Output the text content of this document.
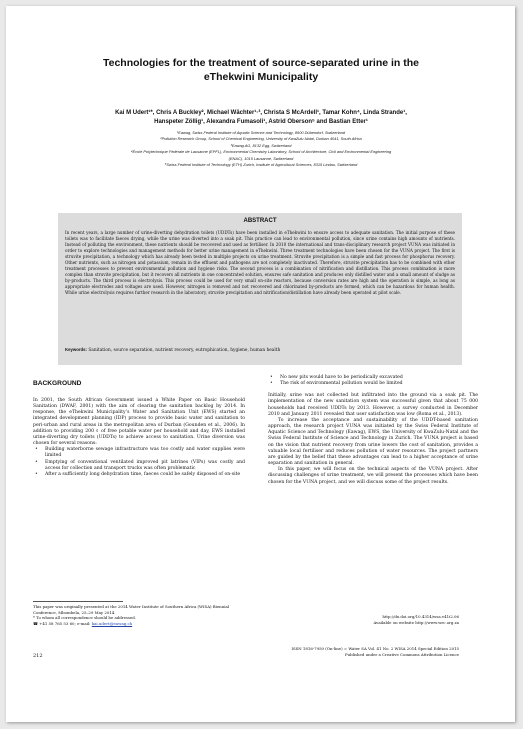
Technologies for the treatment of source-separated urine in the
eThekwini Municipality
Kai M Udert¹*, Chris A Buckley², Michael Wächter¹·³, Christa S McArdell¹, Tamar Kohn⁴, Linda Strande¹,
Hanspeter Zöllig¹, Alexandra Fumasoli¹, Astrid Oberson⁵ and Bastian Etter¹
¹Eawag, Swiss Federal Institute of Aquatic Science and Technology, 8600 Dübendorf, Switzerland
²Pollution Research Group, School of Chemical Engineering, University of KwaZulu-Natal, Durban 4041, South Africa
³Eawag AG, 8132 Egg, Switzerland
⁴École Polytechnique Fédérale de Lausanne (EPFL), Environmental Chemistry Laboratory, School of Architecture, Civil and Environmental Engineering
(ENAC), 1015 Lausanne, Switzerland
⁵Swiss Federal Institute of Technology (ETH) Zurich, Institute of Agricultural Sciences, 8315 Lindau, Switzerland
ABSTRACT
In recent years, a large number of urine-diverting dehydration toilets (UDDTs) have been installed in eThekwini to ensure access to adequate sanitation. The initial purpose of these toilets was to facilitate faeces drying, while the urine was diverted into a soak pit. This practice can lead to environmental pollution, since urine contains high amounts of nutrients. Instead of polluting the environment, these nutrients should be recovered and used as fertiliser. In 2010 the international and trans-disciplinary research project VUNA was initiated in order to explore technologies and management methods for better urine management in eThekwini. Three treatment technologies have been chosen for the VUNA project. The first is struvite precipitation, a technology which has already been tested in multiple projects on urine treatment. Struvite precipitation is a simple and fast process for phosphorus recovery. Other nutrients, such as nitrogen and potassium, remain in the effluent and pathogens are not completely inactivated. Therefore, struvite precipitation has to be combined with other treatment processes to prevent environmental pollution and hygiene risks. The second process is a combination of nitrification and distillation. This process combination is more complex than struvite precipitation, but it recovers all nutrients in one concentrated solution, ensures safe sanitation and produces only distilled water and a small amount of sludge as by-products. The third process is electrolysis. This process could be used for very small on-site reactors, because conversion rates are high and the operation is simple, as long as appropriate electrodes and voltages are used. However, nitrogen is removed and not recovered and chlorinated by-products are formed, which can be hazardous for human health. While urine electrolysis requires further research in the laboratory, struvite precipitation and nitrification/distillation have already been operated at pilot scale.
Keywords: Sanitation, source separation, nutrient recovery, eutrophication, hygiene, human health
BACKGROUND

In 2001, the South African Government issued a White Paper on Basic Household Sanitation (DWAF, 2001) with the aim of clearing the sanitation backlog by 2014. In response, the eThekwini Municipality’s Water and Sanitation Unit (EWS) started an integrated development planning (IDP) process to provide basic water and sanitation to peri-urban and rural areas in the metropolitan area of Durban (Gounden et al., 2006). In addition to providing 200 ℓ of free potable water per household and day, EWS installed urine-diverting dry toilets (UDDTs) to achieve access to sanitation. Urine diversion was chosen for several reasons:

• Building waterborne sewage infrastructure was too costly and water supplies were limited
• Emptying of conventional ventilated improved pit latrines (VIPs) was costly and access for collection and transport trucks was often problematic
• After a sufficiently long dehydration time, faeces could be safely disposed of on-site
• No new pits would have to be periodically excavated
• The risk of environmental pollution would be limited

Initially, urine was not collected but infiltrated into the ground via a soak pit. The implementation of the new sanitation system was successful given that about 75 000 households had received UDDTs by 2013. However, a survey conducted in December 2010 and January 2011 revealed that user satisfaction was low (Roma et al., 2013).

To increase the acceptance and sustainability of the UDDT-based sanitation approach, the research project VUNA was initiated by the Swiss Federal Institute of Aquatic Science and Technology (Eawag), EWS, the University of KwaZulu-Natal and the Swiss Federal Institute of Science and Technology in Zurich. The VUNA project is based on the vision that nutrient recovery from urine lowers the cost of sanitation, provides a valuable local fertiliser and reduces pollution of water resources. The project partners are guided by the belief that these advantages can lead to a higher acceptance of urine separation and sanitation in general.

In this paper, we will focus on the technical aspects of the VUNA project. After discussing challenges of urine treatment, we will present the processes which have been chosen for the VUNA project, and we will discuss some of the project results.

This paper was originally presented at the 2014 Water Institute of Southern Africa (WISA) Biennial Conference, Mbombela, 25–29 May 2014.
* To whom all correspondence should be addressed.
☎ +41 58 765 53 60; e-mail: kai.udert@eawag.ch
http://dx.doi.org/10.4314/wsa.v41i2.06
Available on website http://www.wrc.org.za
212
ISSN 1816-7950 (On-line) = Water SA Vol. 41 No. 2 WISA 2014 Special Edition 2015
Published under a Creative Commons Attribution Licence
